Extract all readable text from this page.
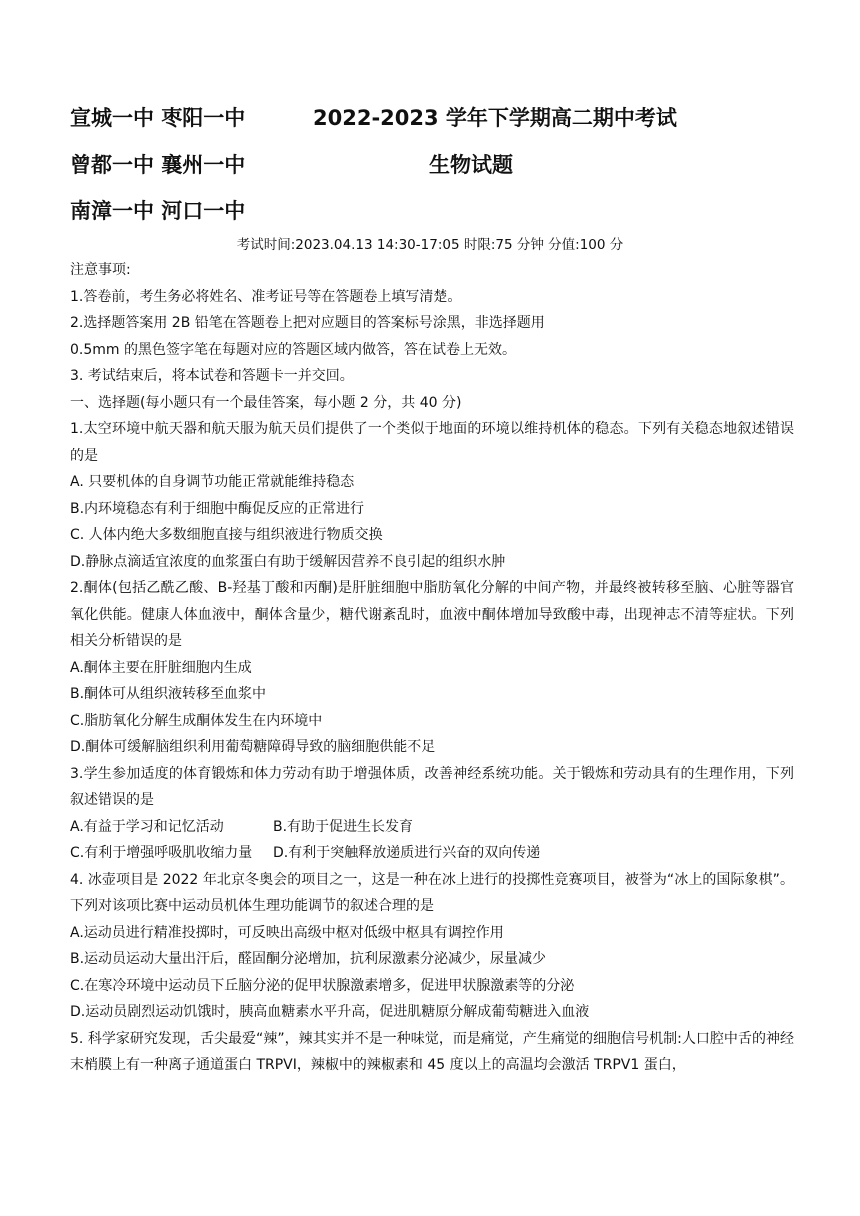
宣城一中 枣阳一中	2022-2023 学年下学期高二期中考试
曾都一中 襄州一中	生物试题
南漳一中 河口一中
考试时间:2023.04.13 14:30-17:05 时限:75 分钟 分值:100 分

注意事项:

1.答卷前，考生务必将姓名、准考证号等在答题卷上填写清楚。

2.选择题答案用 2B 铅笔在答题卷上把对应题目的答案标号涂黑，非选择题用

0.5mm 的黑色签字笔在每题对应的答题区域内做答，答在试卷上无效。

3. 考试结束后，将本试卷和答题卡一并交回。

一、选择题(每小题只有一个最佳答案，每小题 2 分，共 40 分)

1.太空环境中航天器和航天服为航天员们提供了一个类似于地面的环境以维持机体的稳态。下列有关稳态地叙述错误的是

A. 只要机体的自身调节功能正常就能维持稳态

B.内环境稳态有利于细胞中酶促反应的正常进行

C. 人体内绝大多数细胞直接与组织液进行物质交换

D.静脉点滴适宜浓度的血浆蛋白有助于缓解因营养不良引起的组织水肿

2.酮体(包括乙酰乙酸、B-羟基丁酸和丙酮)是肝脏细胞中脂肪氧化分解的中间产物，并最终被转移至脑、心脏等器官氧化供能。健康人体血液中，酮体含量少，糖代谢紊乱时，血液中酮体增加导致酸中毒，出现神志不清等症状。下列相关分析错误的是

A.酮体主要在肝脏细胞内生成

B.酮体可从组织液转移至血浆中

C.脂肪氧化分解生成酮体发生在内环境中

D.酮体可缓解脑组织利用葡萄糖障碍导致的脑细胞供能不足

3.学生参加适度的体育锻炼和体力劳动有助于增强体质，改善神经系统功能。关于锻炼和劳动具有的生理作用，下列叙述错误的是

A.有益于学习和记忆活动	B.有助于促进生长发育
C.有利于增强呼吸肌收缩力量	D.有利于突触释放递质进行兴奋的双向传递

4. 冰壶项目是 2022 年北京冬奥会的项目之一，这是一种在冰上进行的投掷性竞赛项目，被誉为“冰上的国际象棋”。下列对该项比赛中运动员机体生理功能调节的叙述合理的是

A.运动员进行精准投掷时，可反映出高级中枢对低级中枢具有调控作用

B.运动员运动大量出汗后，醛固酮分泌增加，抗利尿激素分泌减少，尿量减少

C.在寒冷环境中运动员下丘脑分泌的促甲状腺激素增多，促进甲状腺激素等的分泌

D.运动员剧烈运动饥饿时，胰高血糖素水平升高，促进肌糖原分解成葡萄糖进入血液

5. 科学家研究发现，舌尖最爱“辣”，辣其实并不是一种味觉，而是痛觉，产生痛觉的细胞信号机制:人口腔中舌的神经末梢膜上有一种离子通道蛋白 TRPVI，辣椒中的辣椒素和 45 度以上的高温均会激活 TRPV1 蛋白，
